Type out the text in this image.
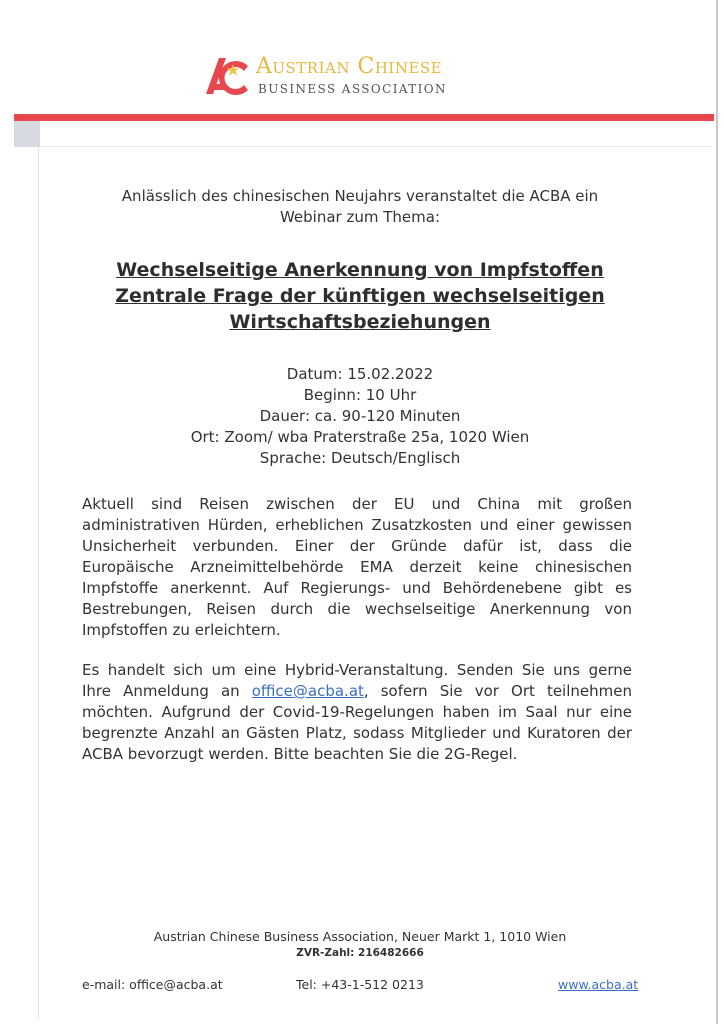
Austrian Chinese
BUSINESS ASSOCIATION
Anlässlich des chinesischen Neujahrs veranstaltet die ACBA ein
Webinar zum Thema:
Wechselseitige Anerkennung von Impfstoffen
Zentrale Frage der künftigen wechselseitigen
Wirtschaftsbeziehungen
Datum: 15.02.2022
Beginn: 10 Uhr
Dauer: ca. 90-120 Minuten
Ort: Zoom/ wba Praterstraße 25a, 1020 Wien
Sprache: Deutsch/Englisch
Aktuell sind Reisen zwischen der EU und China mit großen administrativen Hürden, erheblichen Zusatzkosten und einer gewissen Unsicherheit verbunden. Einer der Gründe dafür ist, dass die Europäische Arzneimittelbehörde EMA derzeit keine chinesischen Impfstoffe anerkennt. Auf Regierungs- und Behördenebene gibt es Bestrebungen, Reisen durch die wechselseitige Anerkennung von Impfstoffen zu erleichtern.
Es handelt sich um eine Hybrid-Veranstaltung. Senden Sie uns gerne Ihre Anmeldung an office@acba.at, sofern Sie vor Ort teilnehmen möchten. Aufgrund der Covid-19-Regelungen haben im Saal nur eine begrenzte Anzahl an Gästen Platz, sodass Mitglieder und Kuratoren der ACBA bevorzugt werden. Bitte beachten Sie die 2G-Regel.
Austrian Chinese Business Association, Neuer Markt 1, 1010 Wien
ZVR-Zahl: 216482666
e-mail: office@acba.at	Tel: +43-1-512 0213	www.acba.at
